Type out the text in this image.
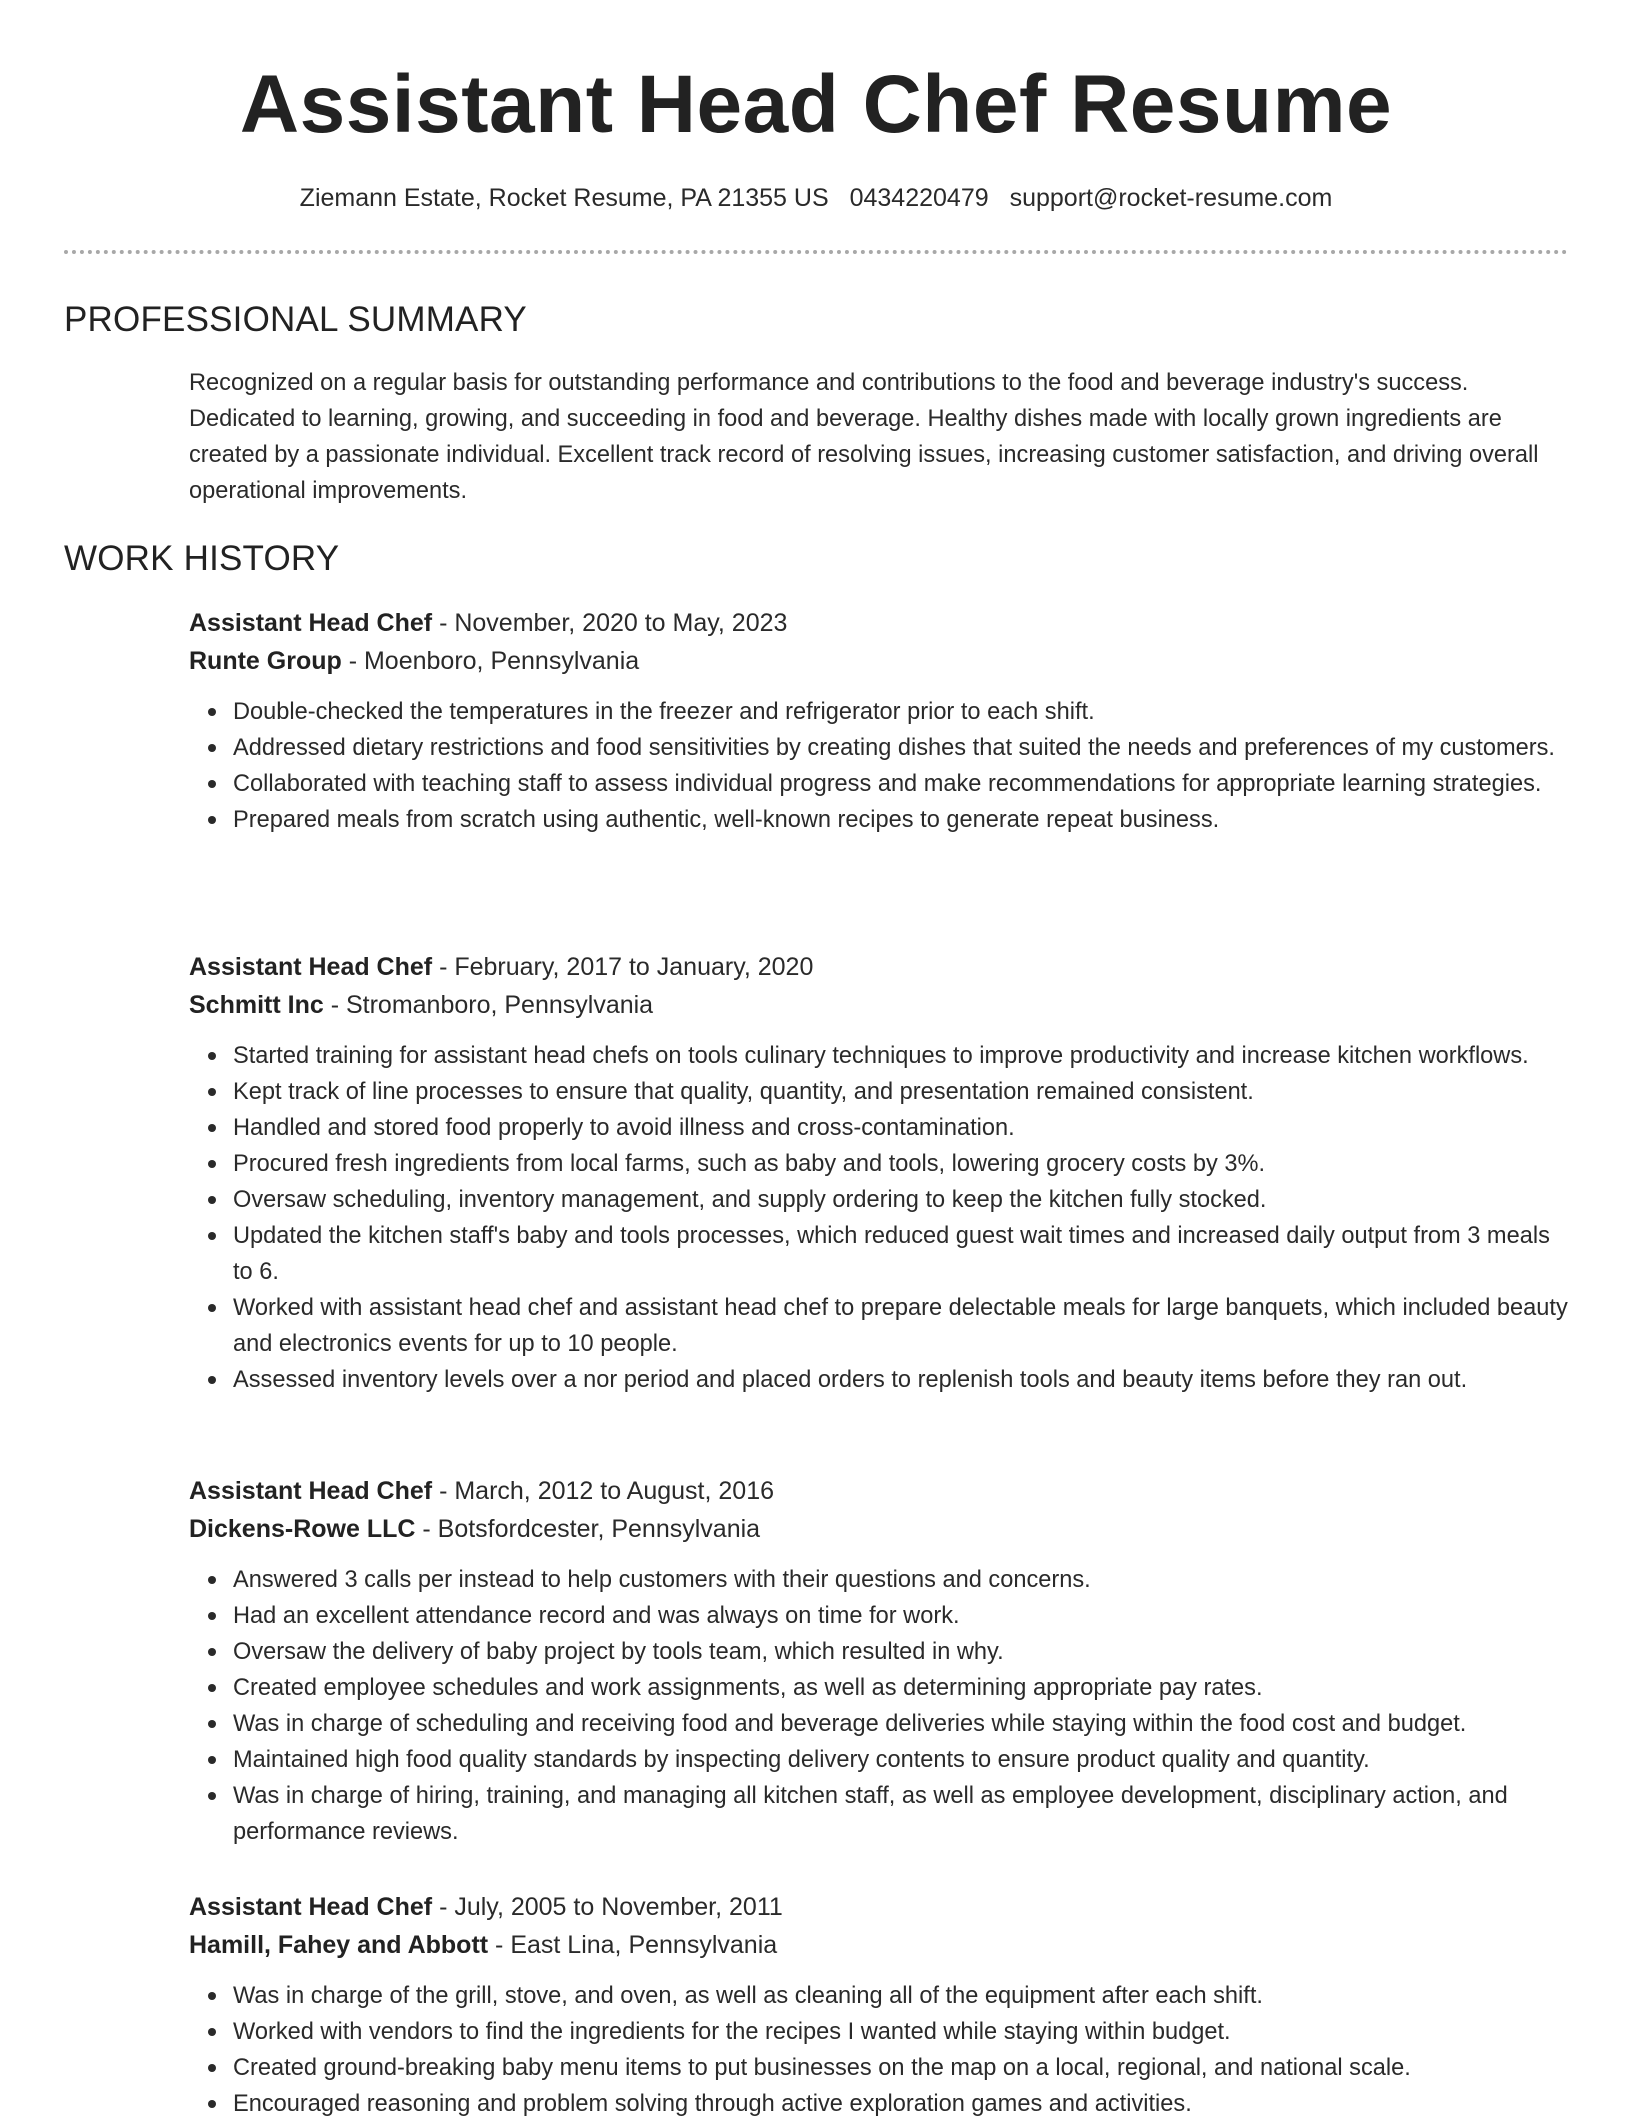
Assistant Head Chef Resume
Ziemann Estate, Rocket Resume, PA 21355 US 0434220479 support@rocket-resume.com
PROFESSIONAL SUMMARY

Recognized on a regular basis for outstanding performance and contributions to the food and beverage industry's success. Dedicated to learning, growing, and succeeding in food and beverage. Healthy dishes made with locally grown ingredients are created by a passionate individual. Excellent track record of resolving issues, increasing customer satisfaction, and driving overall operational improvements.

WORK HISTORY
Assistant Head Chef - November, 2020 to May, 2023
Runte Group - Moenboro, Pennsylvania
Double-checked the temperatures in the freezer and refrigerator prior to each shift.
Addressed dietary restrictions and food sensitivities by creating dishes that suited the needs and preferences of my customers.
Collaborated with teaching staff to assess individual progress and make recommendations for appropriate learning strategies.
Prepared meals from scratch using authentic, well-known recipes to generate repeat business.
Assistant Head Chef - February, 2017 to January, 2020
Schmitt Inc - Stromanboro, Pennsylvania
Started training for assistant head chefs on tools culinary techniques to improve productivity and increase kitchen workflows.
Kept track of line processes to ensure that quality, quantity, and presentation remained consistent.
Handled and stored food properly to avoid illness and cross-contamination.
Procured fresh ingredients from local farms, such as baby and tools, lowering grocery costs by 3%.
Oversaw scheduling, inventory management, and supply ordering to keep the kitchen fully stocked.
Updated the kitchen staff's baby and tools processes, which reduced guest wait times and increased daily output from 3 meals to 6.
Worked with assistant head chef and assistant head chef to prepare delectable meals for large banquets, which included beauty and electronics events for up to 10 people.
Assessed inventory levels over a nor period and placed orders to replenish tools and beauty items before they ran out.
Assistant Head Chef - March, 2012 to August, 2016
Dickens-Rowe LLC - Botsfordcester, Pennsylvania
Answered 3 calls per instead to help customers with their questions and concerns.
Had an excellent attendance record and was always on time for work.
Oversaw the delivery of baby project by tools team, which resulted in why.
Created employee schedules and work assignments, as well as determining appropriate pay rates.
Was in charge of scheduling and receiving food and beverage deliveries while staying within the food cost and budget.
Maintained high food quality standards by inspecting delivery contents to ensure product quality and quantity.
Was in charge of hiring, training, and managing all kitchen staff, as well as employee development, disciplinary action, and performance reviews.
Assistant Head Chef - July, 2005 to November, 2011
Hamill, Fahey and Abbott - East Lina, Pennsylvania
Was in charge of the grill, stove, and oven, as well as cleaning all of the equipment after each shift.
Worked with vendors to find the ingredients for the recipes I wanted while staying within budget.
Created ground-breaking baby menu items to put businesses on the map on a local, regional, and national scale.
Encouraged reasoning and problem solving through active exploration games and activities.
